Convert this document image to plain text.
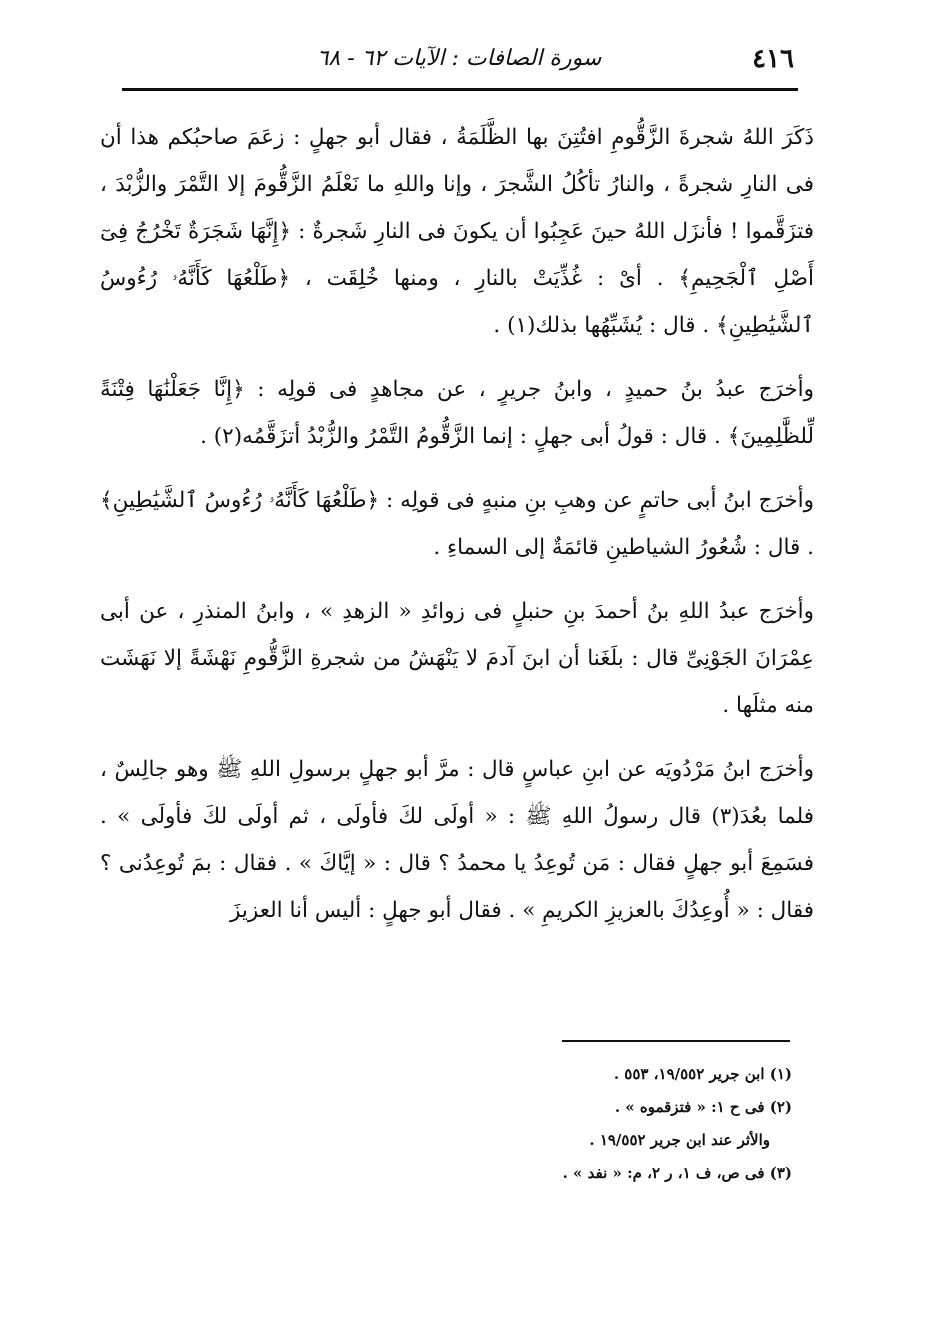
٤١٦
سورة الصافات : الآيات ٦٢ - ٦٨

ذَكَرَ اللهُ شجرةَ الزَّقُّومِ افتُتِنَ بها الظَّلَمَةُ ، فقال أبو جهلٍ : زعَمَ صاحبُكم هذا أن فى النارِ شجرةً ، والنارُ تأكُلُ الشَّجرَ ، وإنا واللهِ ما نَعْلَمُ الزَّقُّومَ إلا التَّمْرَ والزُّبْدَ ، فتزَقَّموا ! فأنزَل اللهُ حينَ عَجِبُوا أن يكونَ فى النارِ شَجرةٌ : ﴿إِنَّهَا شَجَرَةٌ تَخْرُجُ فِىٓ أَصْلِ ٱلْجَحِيمِ﴾ . أىْ : غُذِّيَتْ بالنارِ ، ومنها خُلِقَت ، ﴿طَلْعُهَا كَأَنَّهُۥ رُءُوسُ ٱلشَّيَٰطِينِ﴾ . قال : يُشَبِّهُها بذلك(١) .

وأخرَج عبدُ بنُ حميدٍ ، وابنُ جريرٍ ، عن مجاهدٍ فى قولِه : ﴿إِنَّا جَعَلْنَٰهَا فِتْنَةً لِّلظَّٰلِمِينَ﴾ . قال : قولُ أبى جهلٍ : إنما الزَّقُّومُ التَّمْرُ والزُّبْدُ أتزَقَّمُه(٢) .

وأخرَج ابنُ أبى حاتمٍ عن وهبِ بنِ منبهٍ فى قولِه : ﴿طَلْعُهَا كَأَنَّهُۥ رُءُوسُ ٱلشَّيَٰطِينِ﴾ . قال : شُعُورُ الشياطينِ قائمَةٌ إلى السماءِ .

وأخرَج عبدُ اللهِ بنُ أحمدَ بنِ حنبلٍ فى زوائدِ « الزهدِ » ، وابنُ المنذرِ ، عن أبى عِمْرَانَ الجَوْنِىِّ قال : بلَغَنا أن ابنَ آدمَ لا يَنْهَشُ من شجرةِ الزَّقُّومِ نَهْشَةً إلا نَهَشَت منه مثلَها .

وأخرَج ابنُ مَرْدُويَه عن ابنِ عباسٍ قال : مرَّ أبو جهلٍ برسولِ اللهِ ﷺ وهو جالِسٌ ، فلما بعُدَ(٣) قال رسولُ اللهِ ﷺ : « أولَى لكَ فأولَى ، ثم أولَى لكَ فأولَى » . فسَمِعَ أبو جهلٍ فقال : مَن تُوعِدُ يا محمدُ ؟ قال : « إيَّاكَ » . فقال : بمَ تُوعِدُنى ؟ فقال : « أُوعِدُكَ بالعزيزِ الكريمِ » . فقال أبو جهلٍ : أليس أنا العزيزَ

(١) ابن جرير ١٩/٥٥٢، ٥٥٣ .
(٢) فى ح ١: « فتزقموه » .
والأثر عند ابن جرير ١٩/٥٥٢ .
(٣) فى ص، ف ١، ر ٢، م: « نفد » .
